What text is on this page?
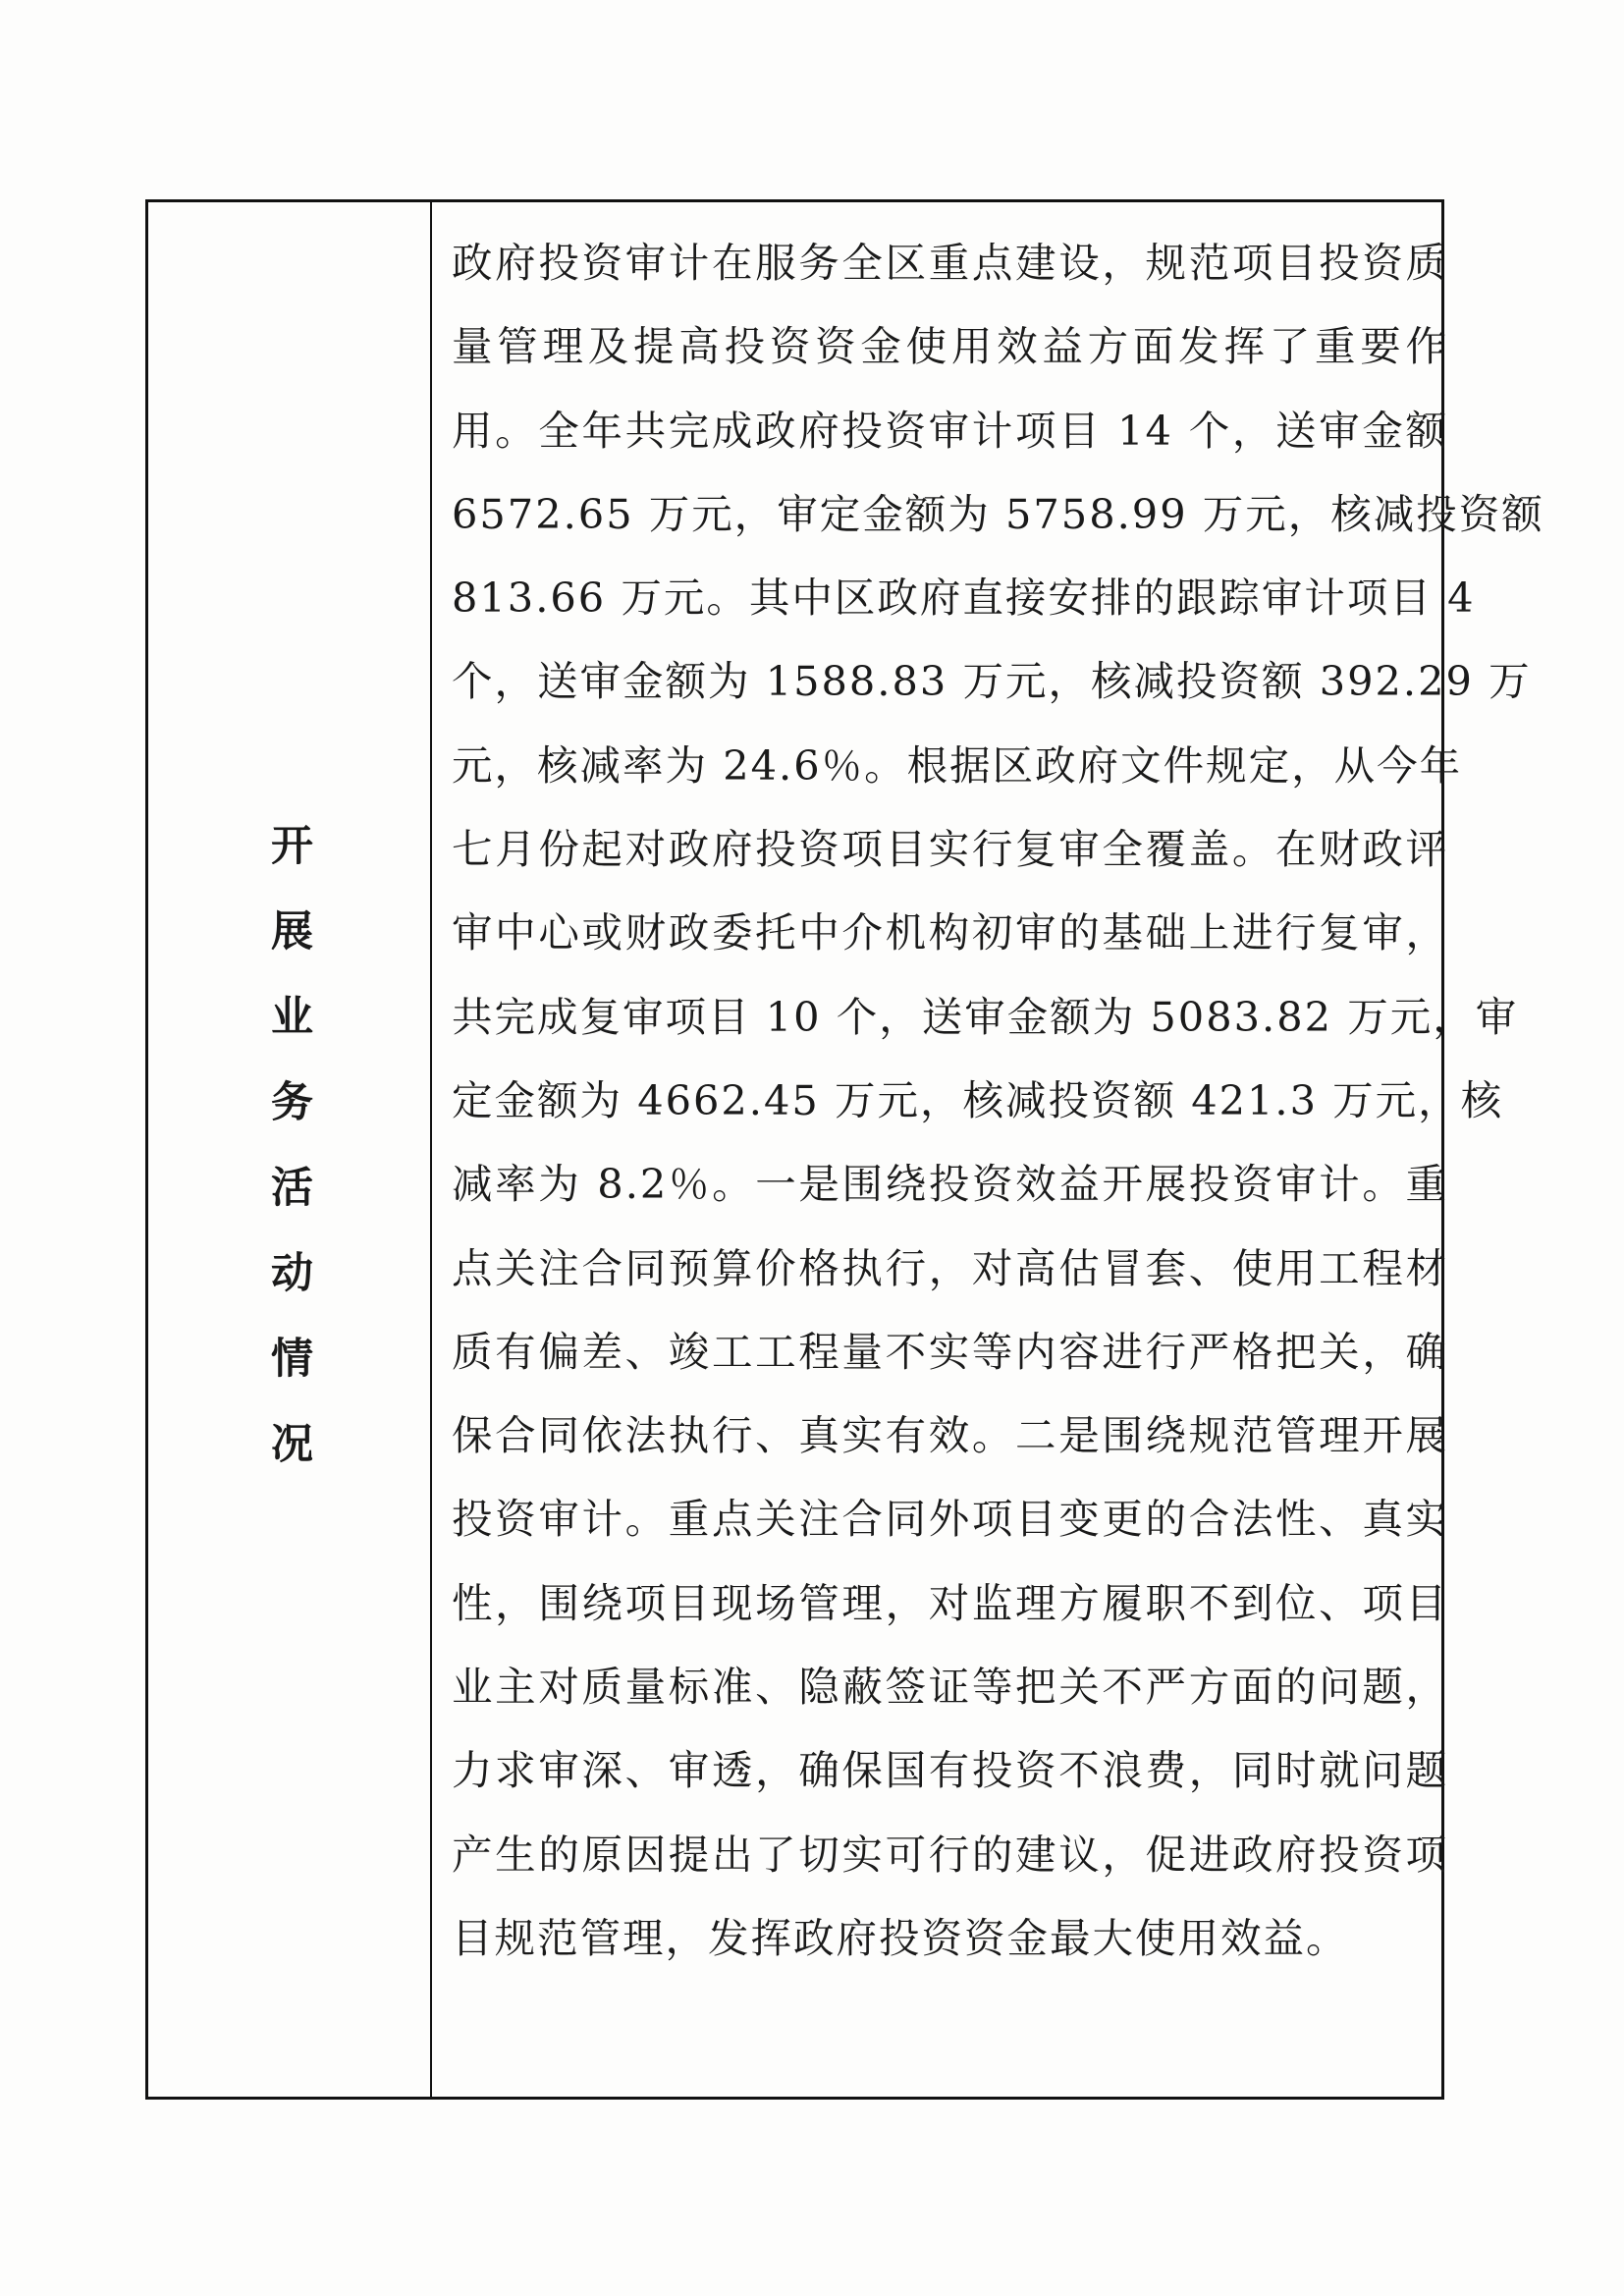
开展业务活动情况
政府投资审计在服务全区重点建设，规范项目投资质
量管理及提高投资资金使用效益方面发挥了重要作
用。全年共完成政府投资审计项目 14 个，送审金额
6572.65 万元，审定金额为 5758.99 万元，核减投资额
813.66 万元。其中区政府直接安排的跟踪审计项目 4
个，送审金额为 1588.83 万元，核减投资额 392.29 万
元，核减率为 24.6％。根据区政府文件规定，从今年
七月份起对政府投资项目实行复审全覆盖。在财政评
审中心或财政委托中介机构初审的基础上进行复审，
共完成复审项目 10 个，送审金额为 5083.82 万元，审
定金额为 4662.45 万元，核减投资额 421.3 万元，核
减率为 8.2％。一是围绕投资效益开展投资审计。重
点关注合同预算价格执行，对高估冒套、使用工程材
质有偏差、竣工工程量不实等内容进行严格把关，确
保合同依法执行、真实有效。二是围绕规范管理开展
投资审计。重点关注合同外项目变更的合法性、真实
性，围绕项目现场管理，对监理方履职不到位、项目
业主对质量标准、隐蔽签证等把关不严方面的问题，
力求审深、审透，确保国有投资不浪费，同时就问题
产生的原因提出了切实可行的建议，促进政府投资项
目规范管理，发挥政府投资资金最大使用效益。
